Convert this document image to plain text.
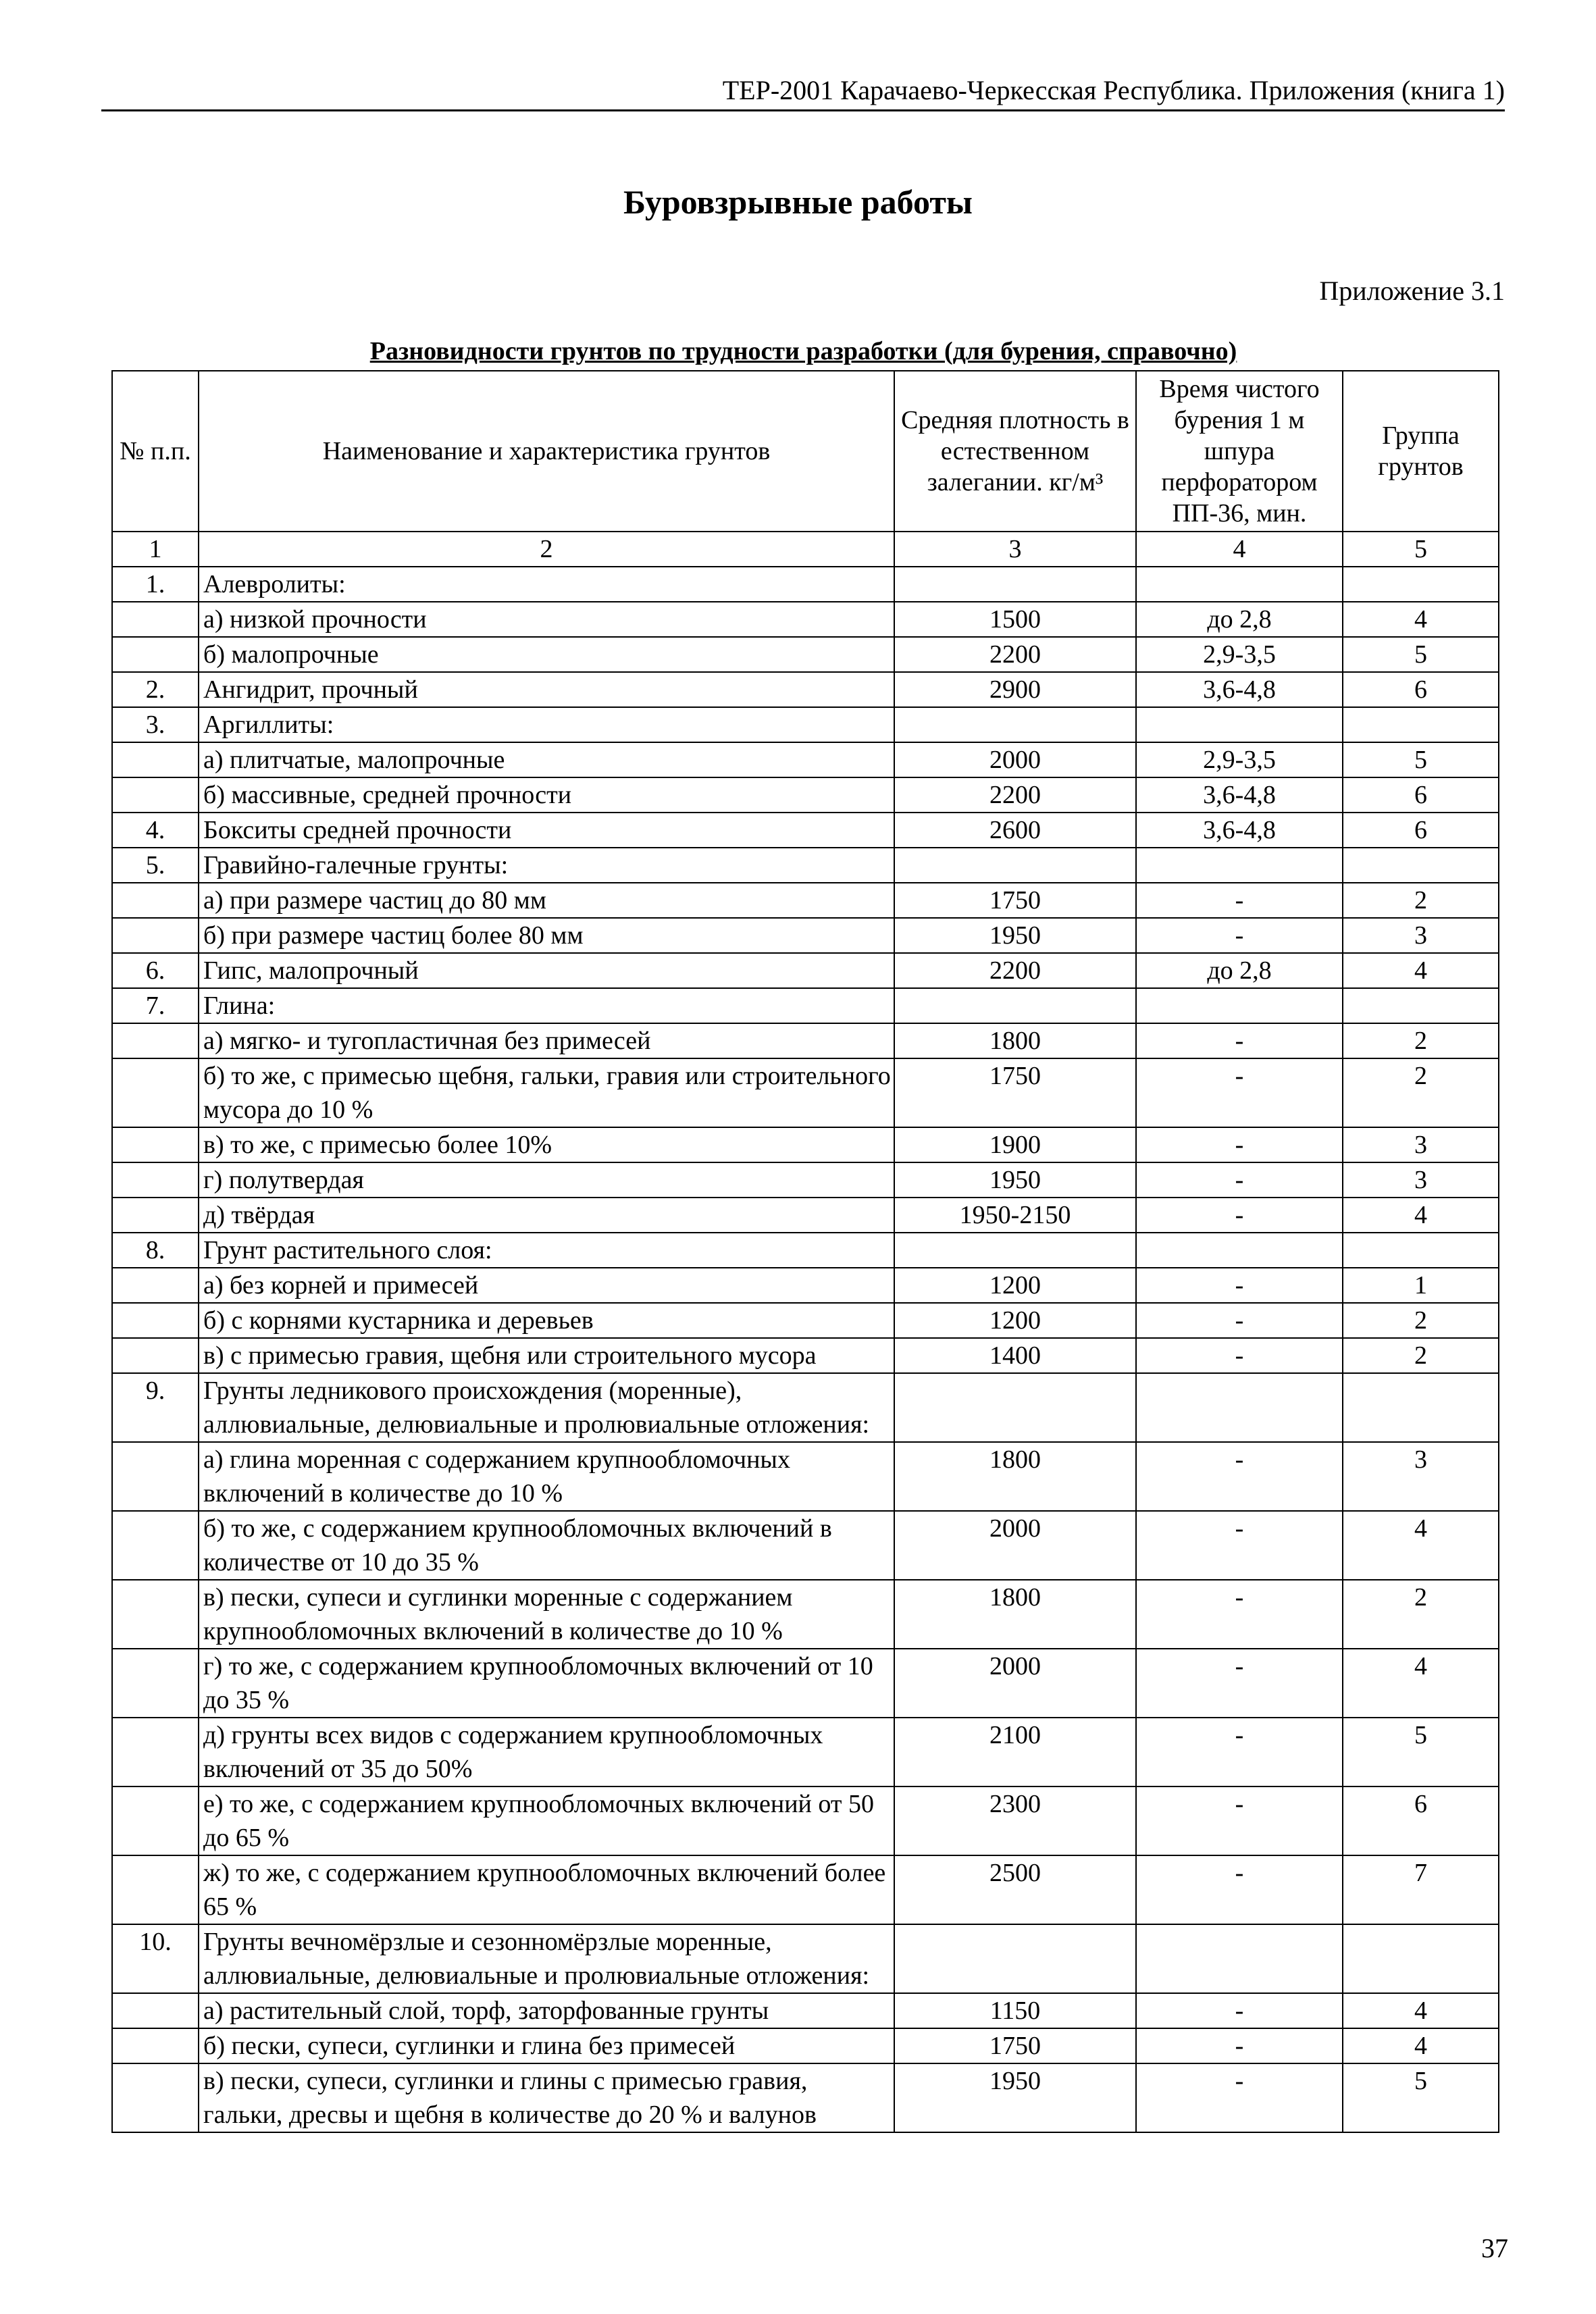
ТЕР-2001 Карачаево-Черкесская Республика. Приложения (книга 1)
Буровзрывные работы
Приложение 3.1
Разновидности грунтов по трудности разработки (для бурения, справочно)
№ п.п.	Наименование и характеристика грунтов	Средняя плотность в естественном залегании. кг/м³	Время чистого бурения 1 м шпура перфоратором ПП-36, мин.	Группа грунтов
1	2	3	4	5
1.	Алевролиты:			
	а) низкой прочности	1500	до 2,8	4
	б) малопрочные	2200	2,9-3,5	5
2.	Ангидрит, прочный	2900	3,6-4,8	6
3.	Аргиллиты:			
	а) плитчатые, малопрочные	2000	2,9-3,5	5
	б) массивные, средней прочности	2200	3,6-4,8	6
4.	Бокситы средней прочности	2600	3,6-4,8	6
5.	Гравийно-галечные грунты:			
	а) при размере частиц до 80 мм	1750	-	2
	б) при размере частиц более 80 мм	1950	-	3
6.	Гипс, малопрочный	2200	до 2,8	4
7.	Глина:			
	а) мягко- и тугопластичная без примесей	1800	-	2
	б) то же, с примесью щебня, гальки, гравия или строительного мусора до 10 %	1750	-	2
	в) то же, с примесью более 10%	1900	-	3
	г) полутвердая	1950	-	3
	д) твёрдая	1950-2150	-	4
8.	Грунт растительного слоя:			
	а) без корней и примесей	1200	-	1
	б) с корнями кустарника и деревьев	1200	-	2
	в) с примесью гравия, щебня или строительного мусора	1400	-	2
9.	Грунты ледникового происхождения (моренные), аллювиальные, делювиальные и пролювиальные отложения:			
	а) глина моренная с содержанием крупнообломочных включений в количестве до 10 %	1800	-	3
	б) то же, с содержанием крупнообломочных включений в количестве от 10 до 35 %	2000	-	4
	в) пески, супеси и суглинки моренные с содержанием крупнообломочных включений в количестве до 10 %	1800	-	2
	г) то же, с содержанием крупнообломочных включений от 10 до 35 %	2000	-	4
	д) грунты всех видов с содержанием крупнообломочных включений от 35 до 50%	2100	-	5
	е) то же, с содержанием крупнообломочных включений от 50 до 65 %	2300	-	6
	ж) то же, с содержанием крупнообломочных включений более 65 %	2500	-	7
10.	Грунты вечномёрзлые и сезонномёрзлые моренные, аллювиальные, делювиальные и пролювиальные отложения:			
	а) растительный слой, торф, заторфованные грунты	1150	-	4
	б) пески, супеси, суглинки и глина без примесей	1750	-	4
	в) пески, супеси, суглинки и глины с примесью гравия, гальки, дресвы и щебня в количестве до 20 % и валунов	1950	-	5
37
